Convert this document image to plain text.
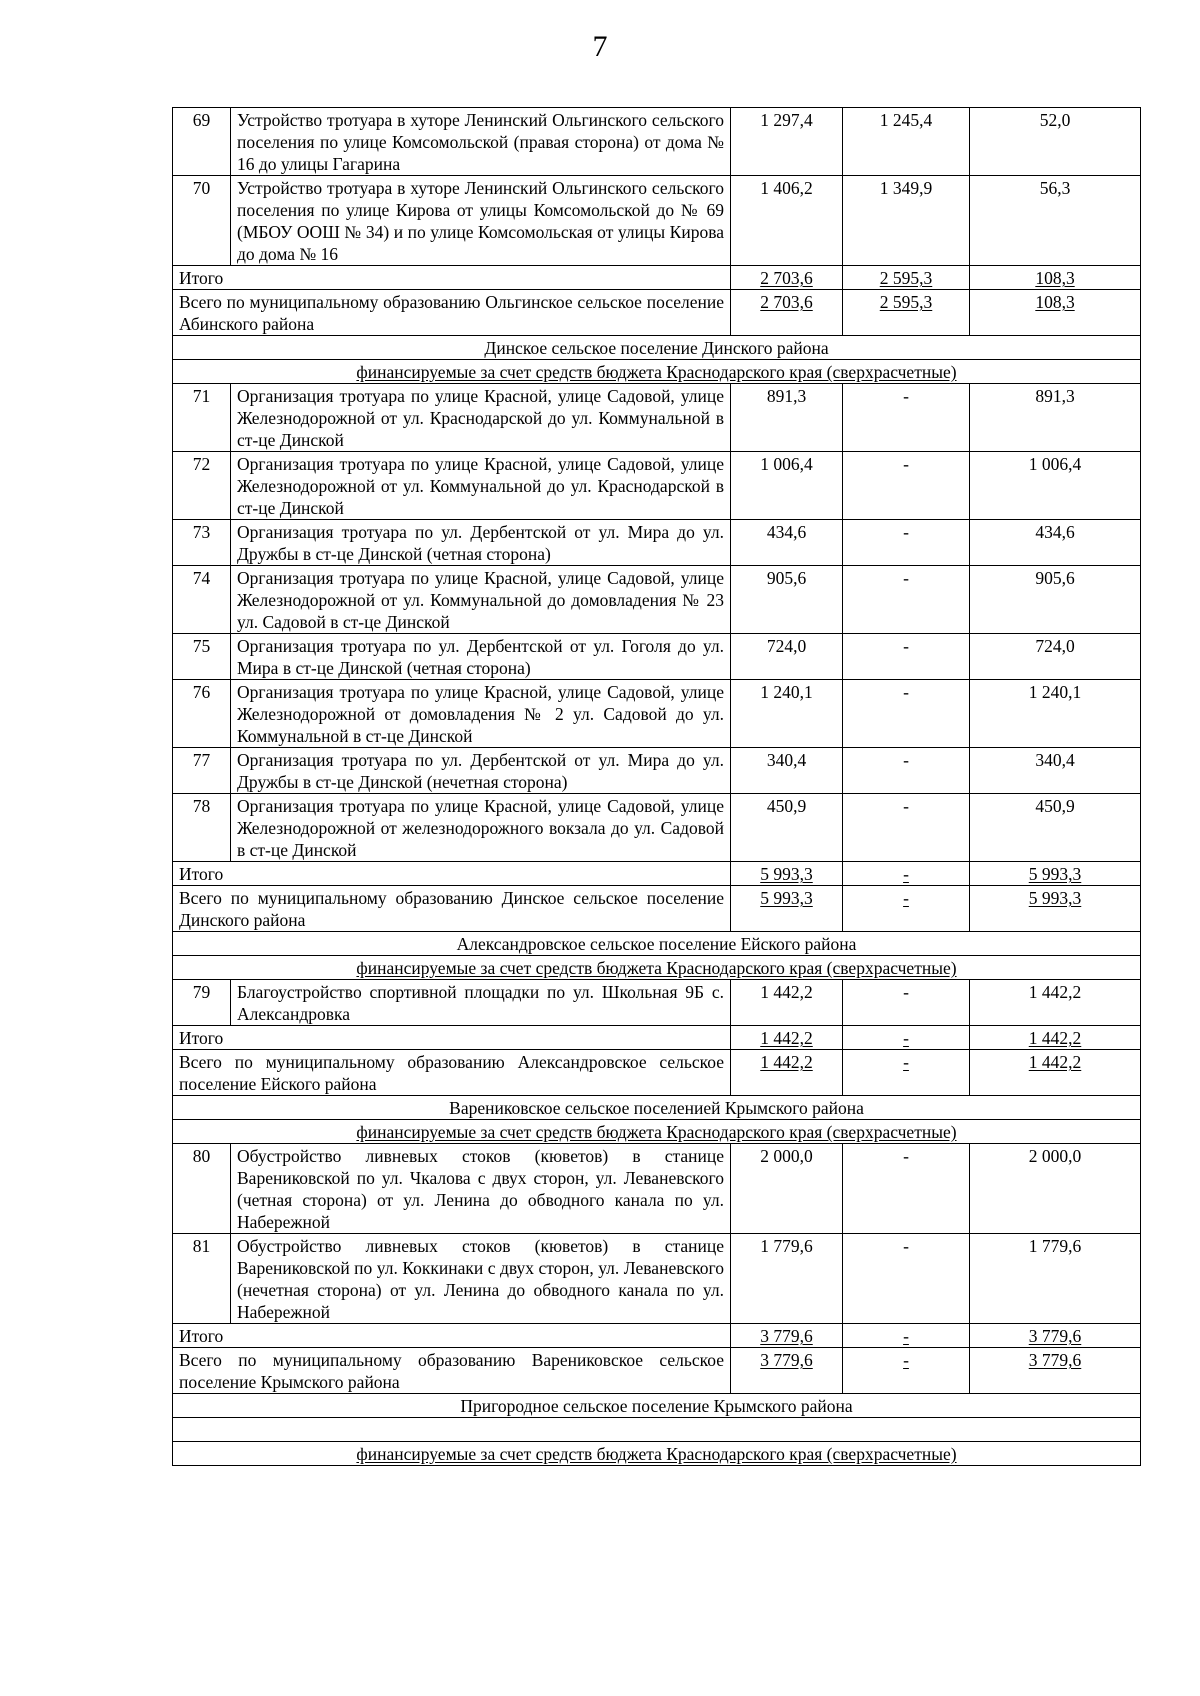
7
69	Устройство тротуара в хуторе Ленинский Ольгинского сельского поселения по улице Комсомольской (правая сторона) от дома № 16 до улицы Гагарина	1 297,4	1 245,4	52,0
70	Устройство тротуара в хуторе Ленинский Ольгинского сельского поселения по улице Кирова от улицы Комсомольской до № 69 (МБОУ ООШ № 34) и по улице Комсомольская от улицы Кирова до дома № 16	1 406,2	1 349,9	56,3
Итого		2 703,6	2 595,3	108,3
Всего по муниципальному образованию Ольгинское сельское поселение Абинского района		2 703,6	2 595,3	108,3
Динское сельское поселение Динского района				
финансируемые за счет средств бюджета Краснодарского края (сверхрасчетные)				
71	Организация тротуара по улице Красной, улице Садовой, улице Железнодорожной от ул. Краснодарской до ул. Коммунальной в ст-це Динской	891,3	-	891,3
72	Организация тротуара по улице Красной, улице Садовой, улице Железнодорожной от ул. Коммунальной до ул. Краснодарской в ст-це Динской	1 006,4	-	1 006,4
73	Организация тротуара по ул. Дербентской от ул. Мира до ул. Дружбы в ст-це Динской (четная сторона)	434,6	-	434,6
74	Организация тротуара по улице Красной, улице Садовой, улице Железнодорожной от ул. Коммунальной до домовладения № 23 ул. Садовой в ст-це Динской	905,6	-	905,6
75	Организация тротуара по ул. Дербентской от ул. Гоголя до ул. Мира в ст-це Динской (четная сторона)	724,0	-	724,0
76	Организация тротуара по улице Красной, улице Садовой, улице Железнодорожной от домовладения № 2 ул. Садовой до ул. Коммунальной в ст-це Динской	1 240,1	-	1 240,1
77	Организация тротуара по ул. Дербентской от ул. Мира до ул. Дружбы в ст-це Динской (нечетная сторона)	340,4	-	340,4
78	Организация тротуара по улице Красной, улице Садовой, улице Железнодорожной от железнодорожного вокзала до ул. Садовой в ст-це Динской	450,9	-	450,9
Итого		5 993,3	-	5 993,3
Всего по муниципальному образованию Динское сельское поселение Динского района		5 993,3	-	5 993,3
Александровское сельское поселение Ейского района				
финансируемые за счет средств бюджета Краснодарского края (сверхрасчетные)				
79	Благоустройство спортивной площадки по ул. Школьная 9Б с. Александровка	1 442,2	-	1 442,2
Итого		1 442,2	-	1 442,2
Всего по муниципальному образованию Александровское сельское поселение Ейского района		1 442,2	-	1 442,2
Варениковское сельское поселенией Крымского района				
финансируемые за счет средств бюджета Краснодарского края (сверхрасчетные)				
80	Обустройство ливневых стоков (кюветов) в станице Варениковской по ул. Чкалова с двух сторон, ул. Леваневского (четная сторона) от ул. Ленина до обводного канала по ул. Набережной	2 000,0	-	2 000,0
81	Обустройство ливневых стоков (кюветов) в станице Варениковской по ул. Коккинаки с двух сторон, ул. Леваневского (нечетная сторона) от ул. Ленина до обводного канала по ул. Набережной	1 779,6	-	1 779,6
Итого		3 779,6	-	3 779,6
Всего по муниципальному образованию Варениковское сельское поселение Крымского района		3 779,6	-	3 779,6
Пригородное сельское поселение Крымского района				

финансируемые за счет средств бюджета Краснодарского края (сверхрасчетные)				
